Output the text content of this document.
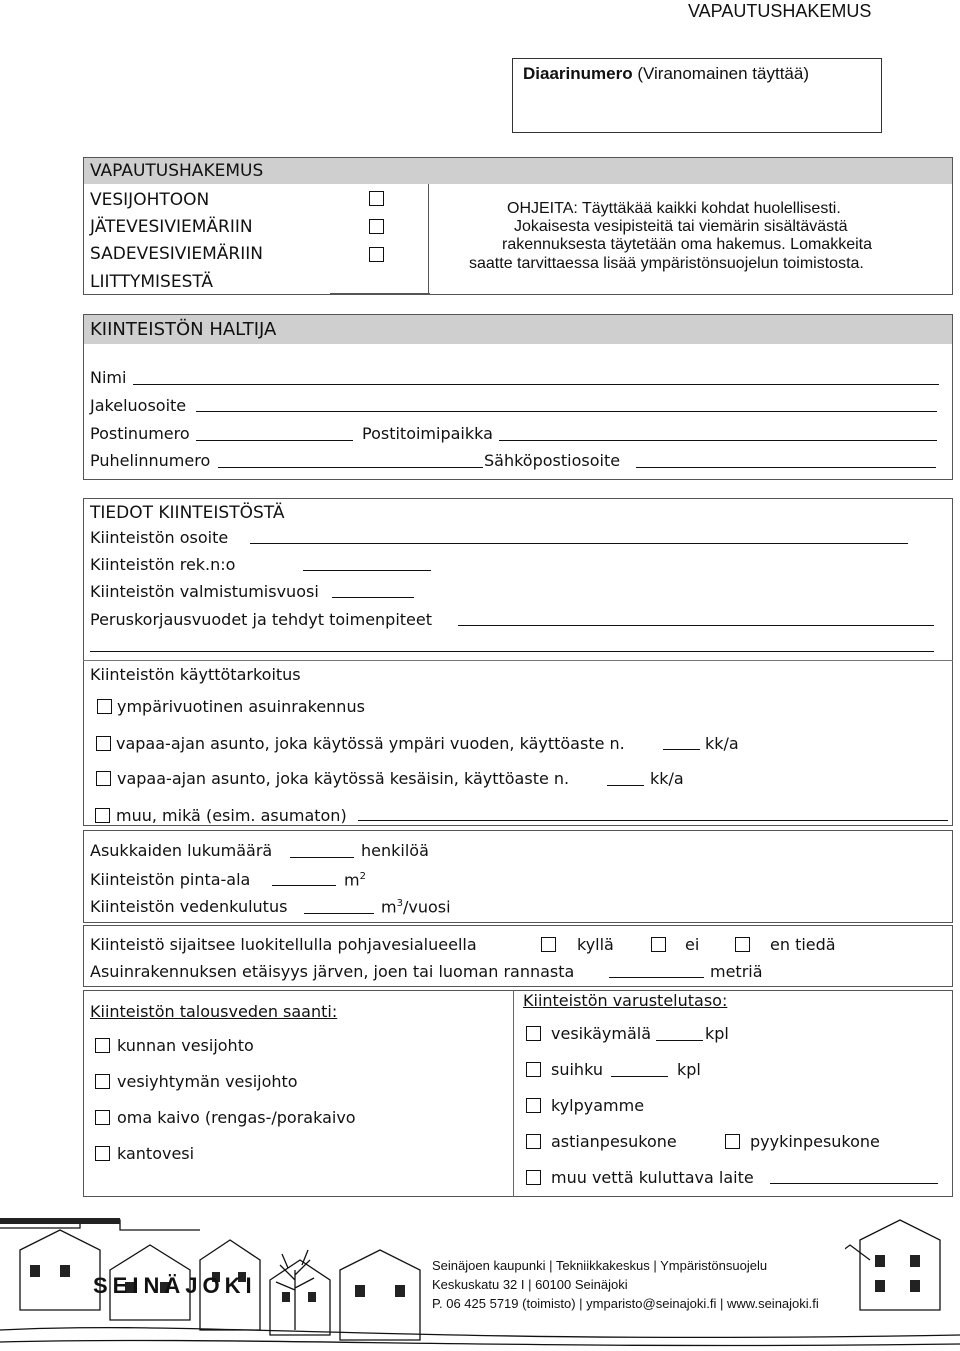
VAPAUTUSHAKEMUS
Diaarinumero (Viranomainen täyttää)
VAPAUTUSHAKEMUS
VESIJOHTOON
JÄTEVESIVIEMÄRIIN
SADEVESIVIEMÄRIIN
LIITTYMISESTÄ
OHJEITA: Täyttäkää kaikki kohdat huolellisesti.
Jokaisesta vesipisteitä tai viemärin sisältävästä
rakennuksesta täytetään oma hakemus. Lomakkeita
saatte tarvittaessa lisää ympäristönsuojelun toimistosta.
KIINTEISTÖN HALTIJA
Nimi
Jakeluosoite
Postinumero	Postitoimipaikka
Puhelinnumero	Sähköpostiosoite
TIEDOT KIINTEISTÖSTÄ
Kiinteistön osoite
Kiinteistön rek.n:o
Kiinteistön valmistumisvuosi
Peruskorjausvuodet ja tehdyt toimenpiteet
Kiinteistön käyttötarkoitus
ympärivuotinen asuinrakennus
vapaa-ajan asunto, joka käytössä ympäri vuoden, käyttöaste n.	kk/a
vapaa-ajan asunto, joka käytössä kesäisin, käyttöaste n.	kk/a
muu, mikä (esim. asumaton)
Asukkaiden lukumäärä	henkilöä
Kiinteistön pinta-ala	$m^2$
Kiinteistön vedenkulutus	$m^3$/vuosi
Kiinteistö sijaitsee luokitellulla pohjavesialueella	kyllä	ei	en tiedä
Asuinrakennuksen etäisyys järven, joen tai luoman rannasta	metriä
Kiinteistön talousveden saanti:
kunnan vesijohto
vesiyhtymän vesijohto
oma kaivo (rengas-/porakaivo
kantovesi
Kiinteistön varustelutaso:
vesikäymälä	kpl
suihku	kpl
kylpyamme
astianpesukone	pyykinpesukone
muu vettä kuluttava laite
SEINÄJOKI
Seinäjoen kaupunki | Tekniikkakeskus | Ympäristönsuojelu
Keskuskatu 32 I | 60100 Seinäjoki
P. 06 425 5719 (toimisto) | ymparisto@seinajoki.fi | www.seinajoki.fi
